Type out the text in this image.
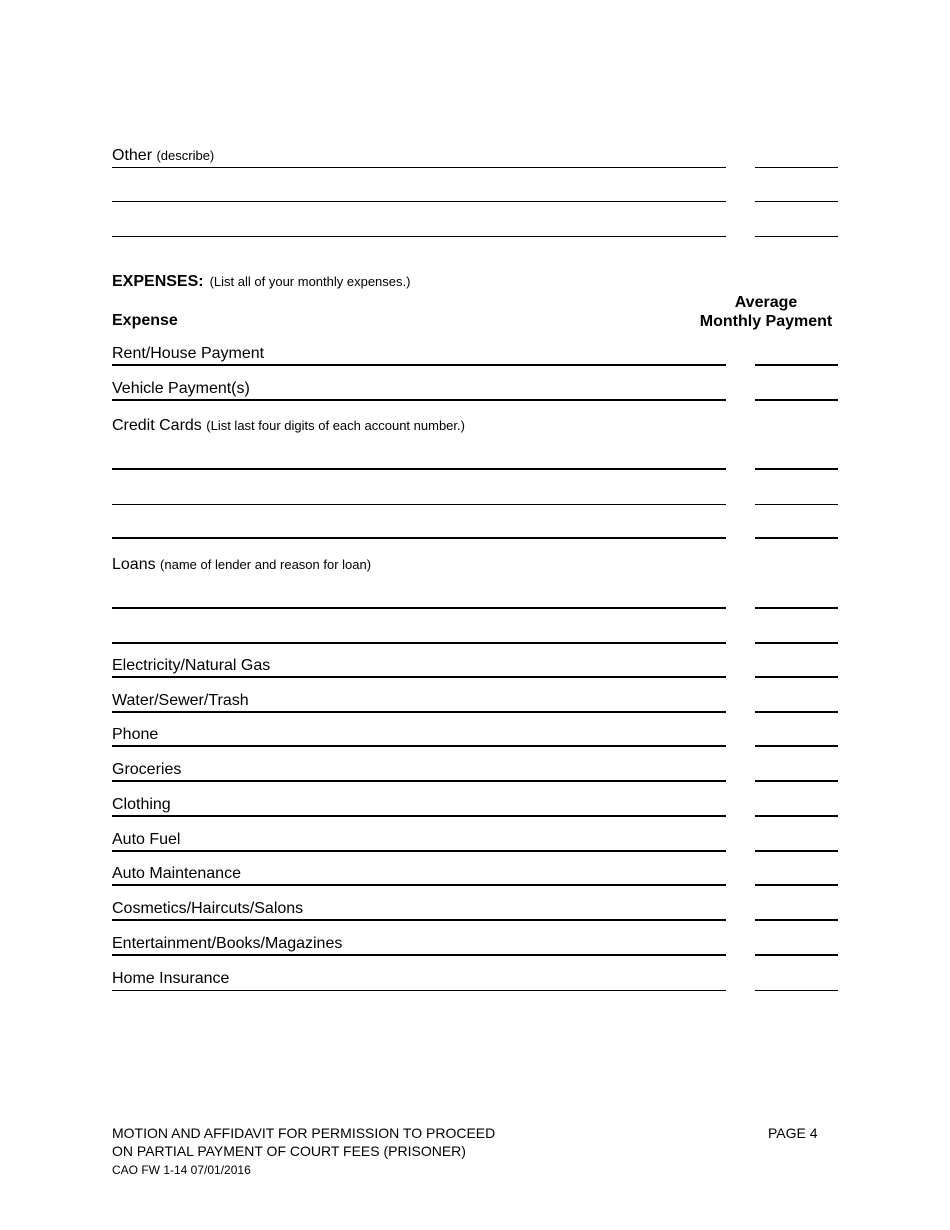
Other (describe)
EXPENSES: (List all of your monthly expenses.)
Expense
Average
Monthly Payment
Rent/House Payment
Vehicle Payment(s)
Credit Cards (List last four digits of each account number.)
Loans (name of lender and reason for loan)
Electricity/Natural Gas
Water/Sewer/Trash
Phone
Groceries
Clothing
Auto Fuel
Auto Maintenance
Cosmetics/Haircuts/Salons
Entertainment/Books/Magazines
Home Insurance
MOTION AND AFFIDAVIT FOR PERMISSION TO PROCEED
ON PARTIAL PAYMENT OF COURT FEES (PRISONER)
CAO FW 1-14 07/01/2016
PAGE 4
